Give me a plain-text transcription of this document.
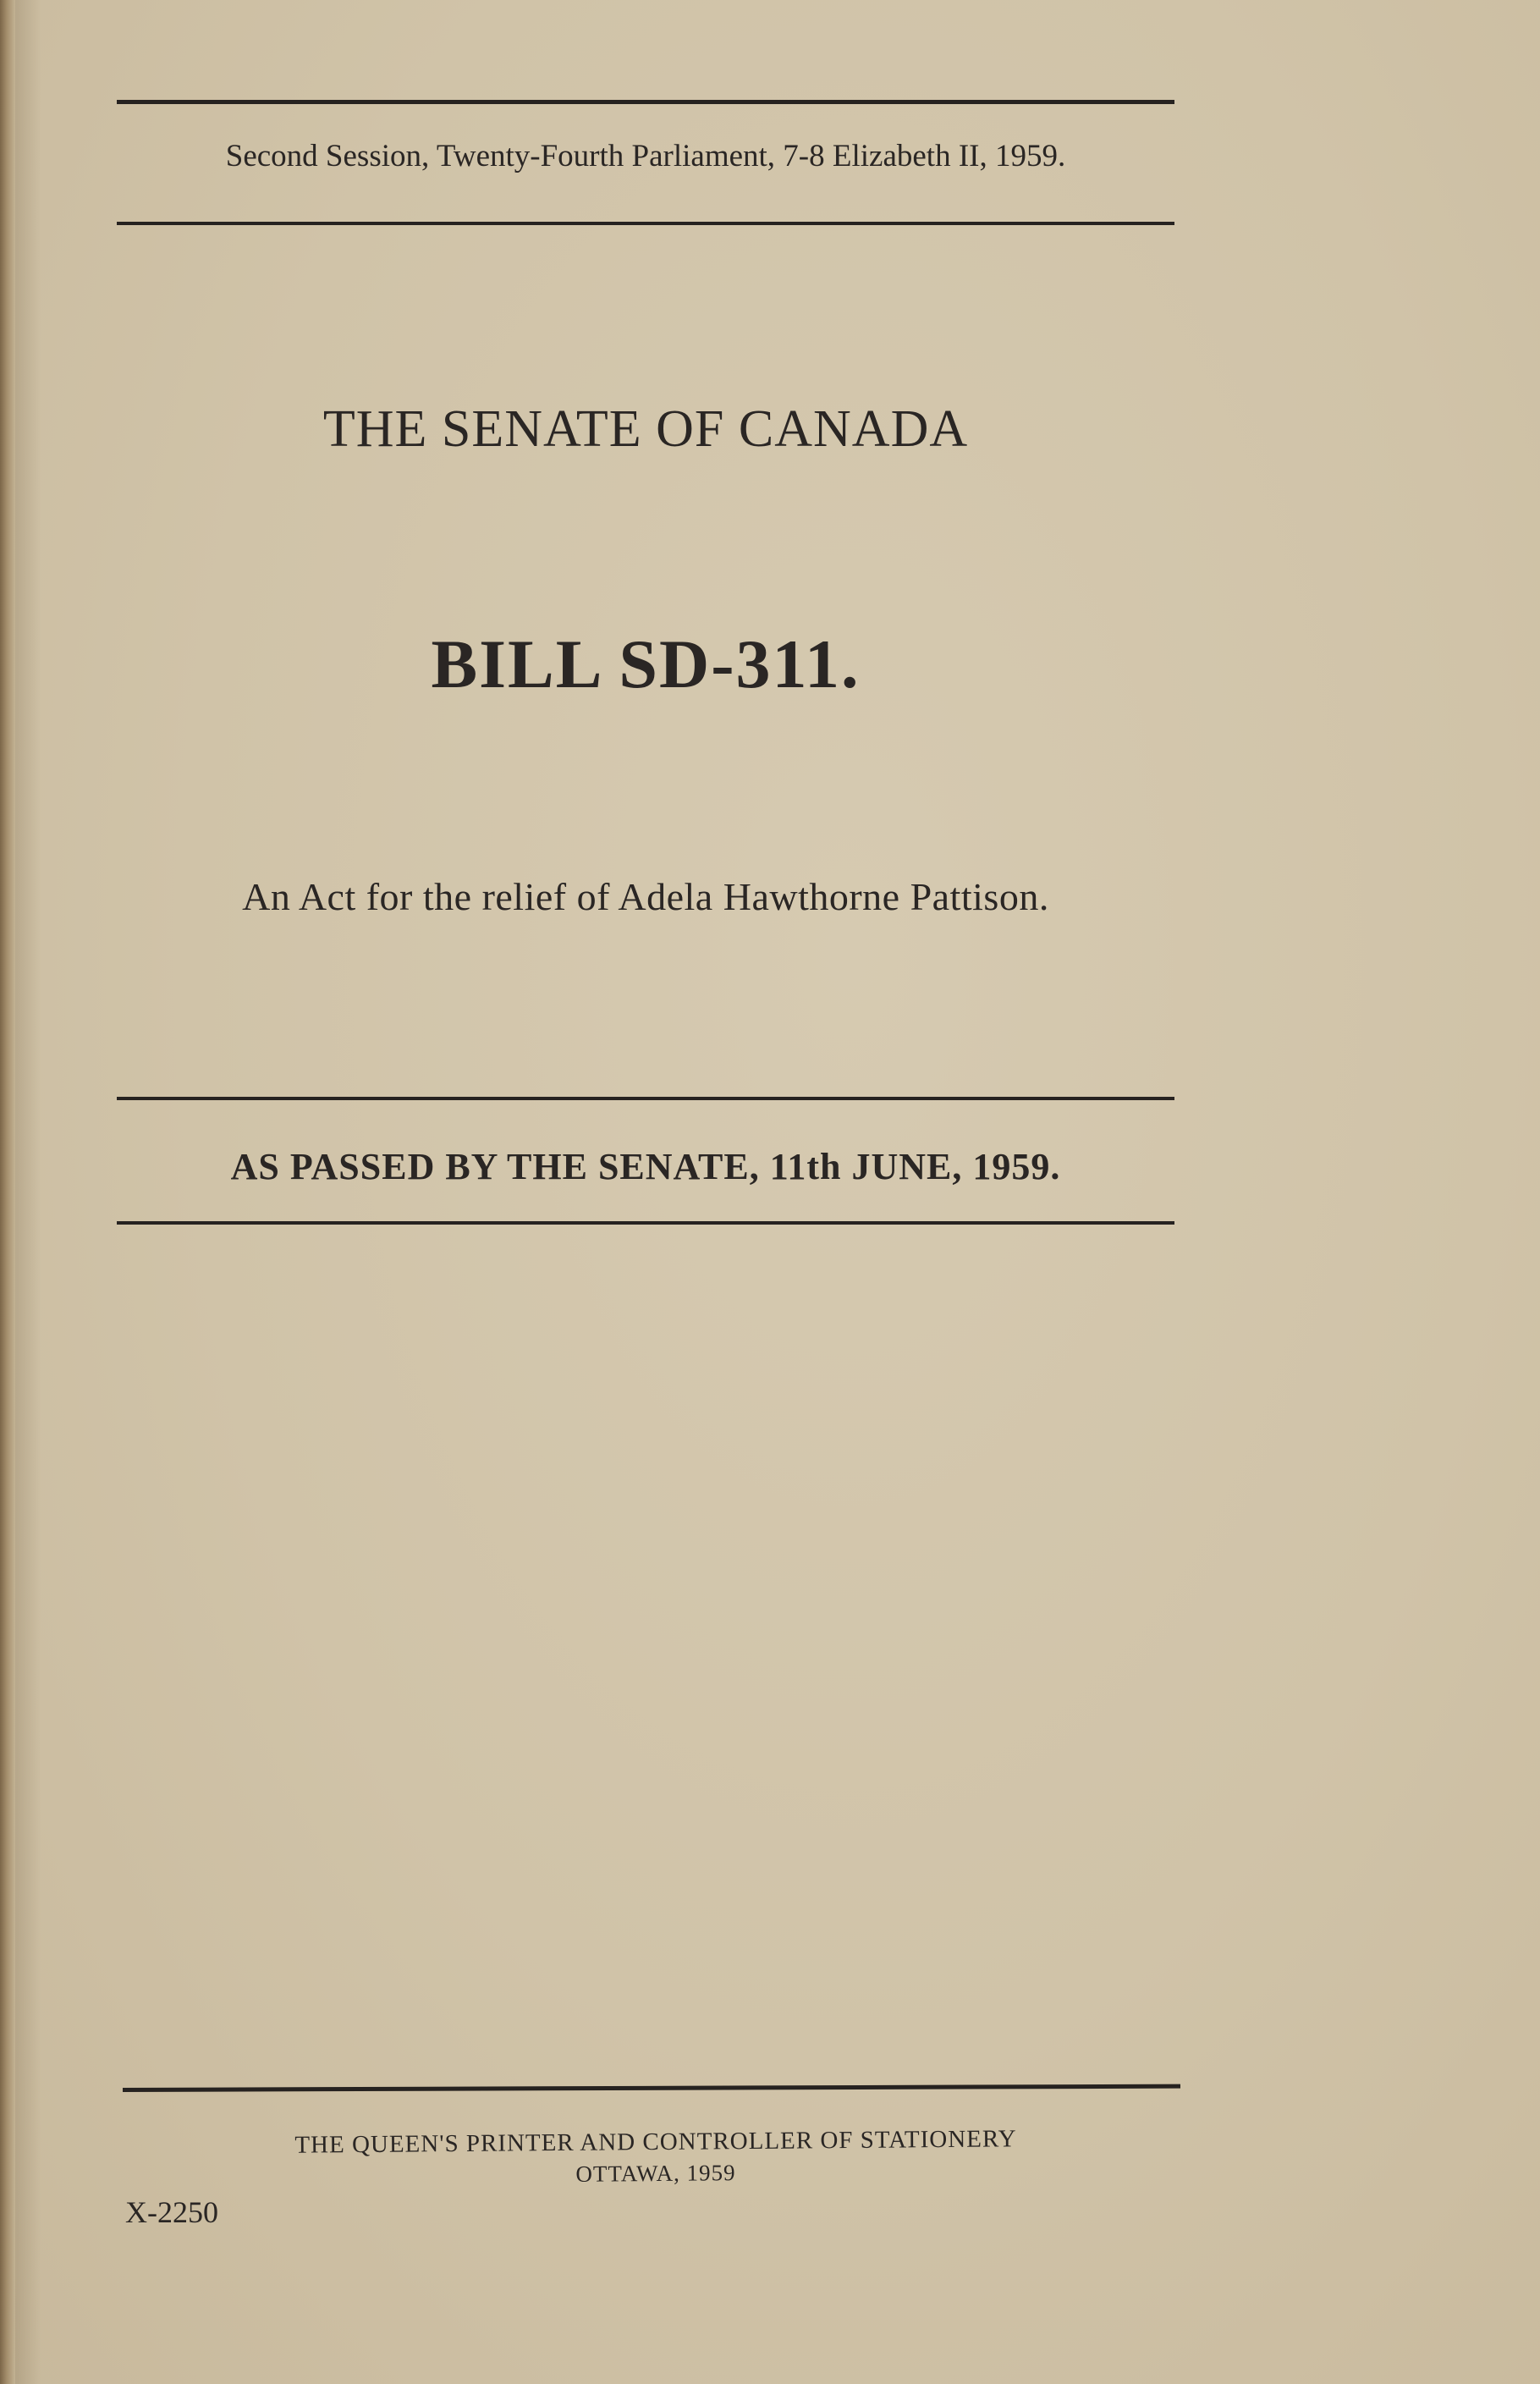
Second Session, Twenty-Fourth Parliament, 7-8 Elizabeth II, 1959.
THE SENATE OF CANADA
BILL SD-311.
An Act for the relief of Adela Hawthorne Pattison.
AS PASSED BY THE SENATE, 11th JUNE, 1959.
THE QUEEN'S PRINTER AND CONTROLLER OF STATIONERY
OTTAWA, 1959
X-2250
